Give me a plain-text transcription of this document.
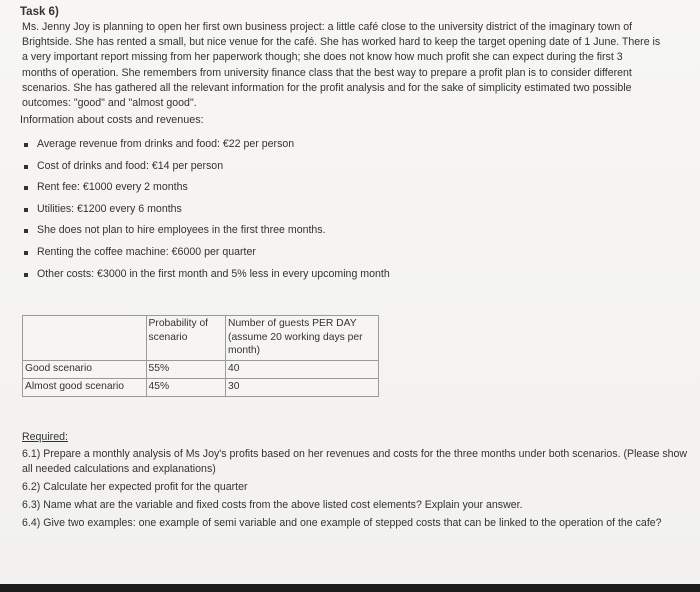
Task 6)
Ms. Jenny Joy is planning to open her first own business project: a little café close to the university district of the imaginary town of
Brightside. She has rented a small, but nice venue for the café. She has worked hard to keep the target opening date of 1 June. There is
a very important report missing from her paperwork though; she does not know how much profit she can expect during the first 3
months of operation. She remembers from university finance class that the best way to prepare a profit plan is to consider different
scenarios. She has gathered all the relevant information for the profit analysis and for the sake of simplicity estimated two possible
outcomes: "good" and "almost good".
Information about costs and revenues:
Average revenue from drinks and food: €22 per person
Cost of drinks and food: €14 per person
Rent fee: €1000 every 2 months
Utilities: €1200 every 6 months
She does not plan to hire employees in the first three months.
Renting the coffee machine: €6000 per quarter
Other costs: €3000 in the first month and 5% less in every upcoming month
	Probability of scenario	Number of guests PER DAY (assume 20 working days per month)
Good scenario	55%	40
Almost good scenario	45%	30
Required:
6.1) Prepare a monthly analysis of Ms Joy's profits based on her revenues and costs for the three months under both scenarios. (Please show all needed calculations and explanations)
6.2) Calculate her expected profit for the quarter
6.3) Name what are the variable and fixed costs from the above listed cost elements? Explain your answer.
6.4) Give two examples: one example of semi variable and one example of stepped costs that can be linked to the operation of the cafe?
